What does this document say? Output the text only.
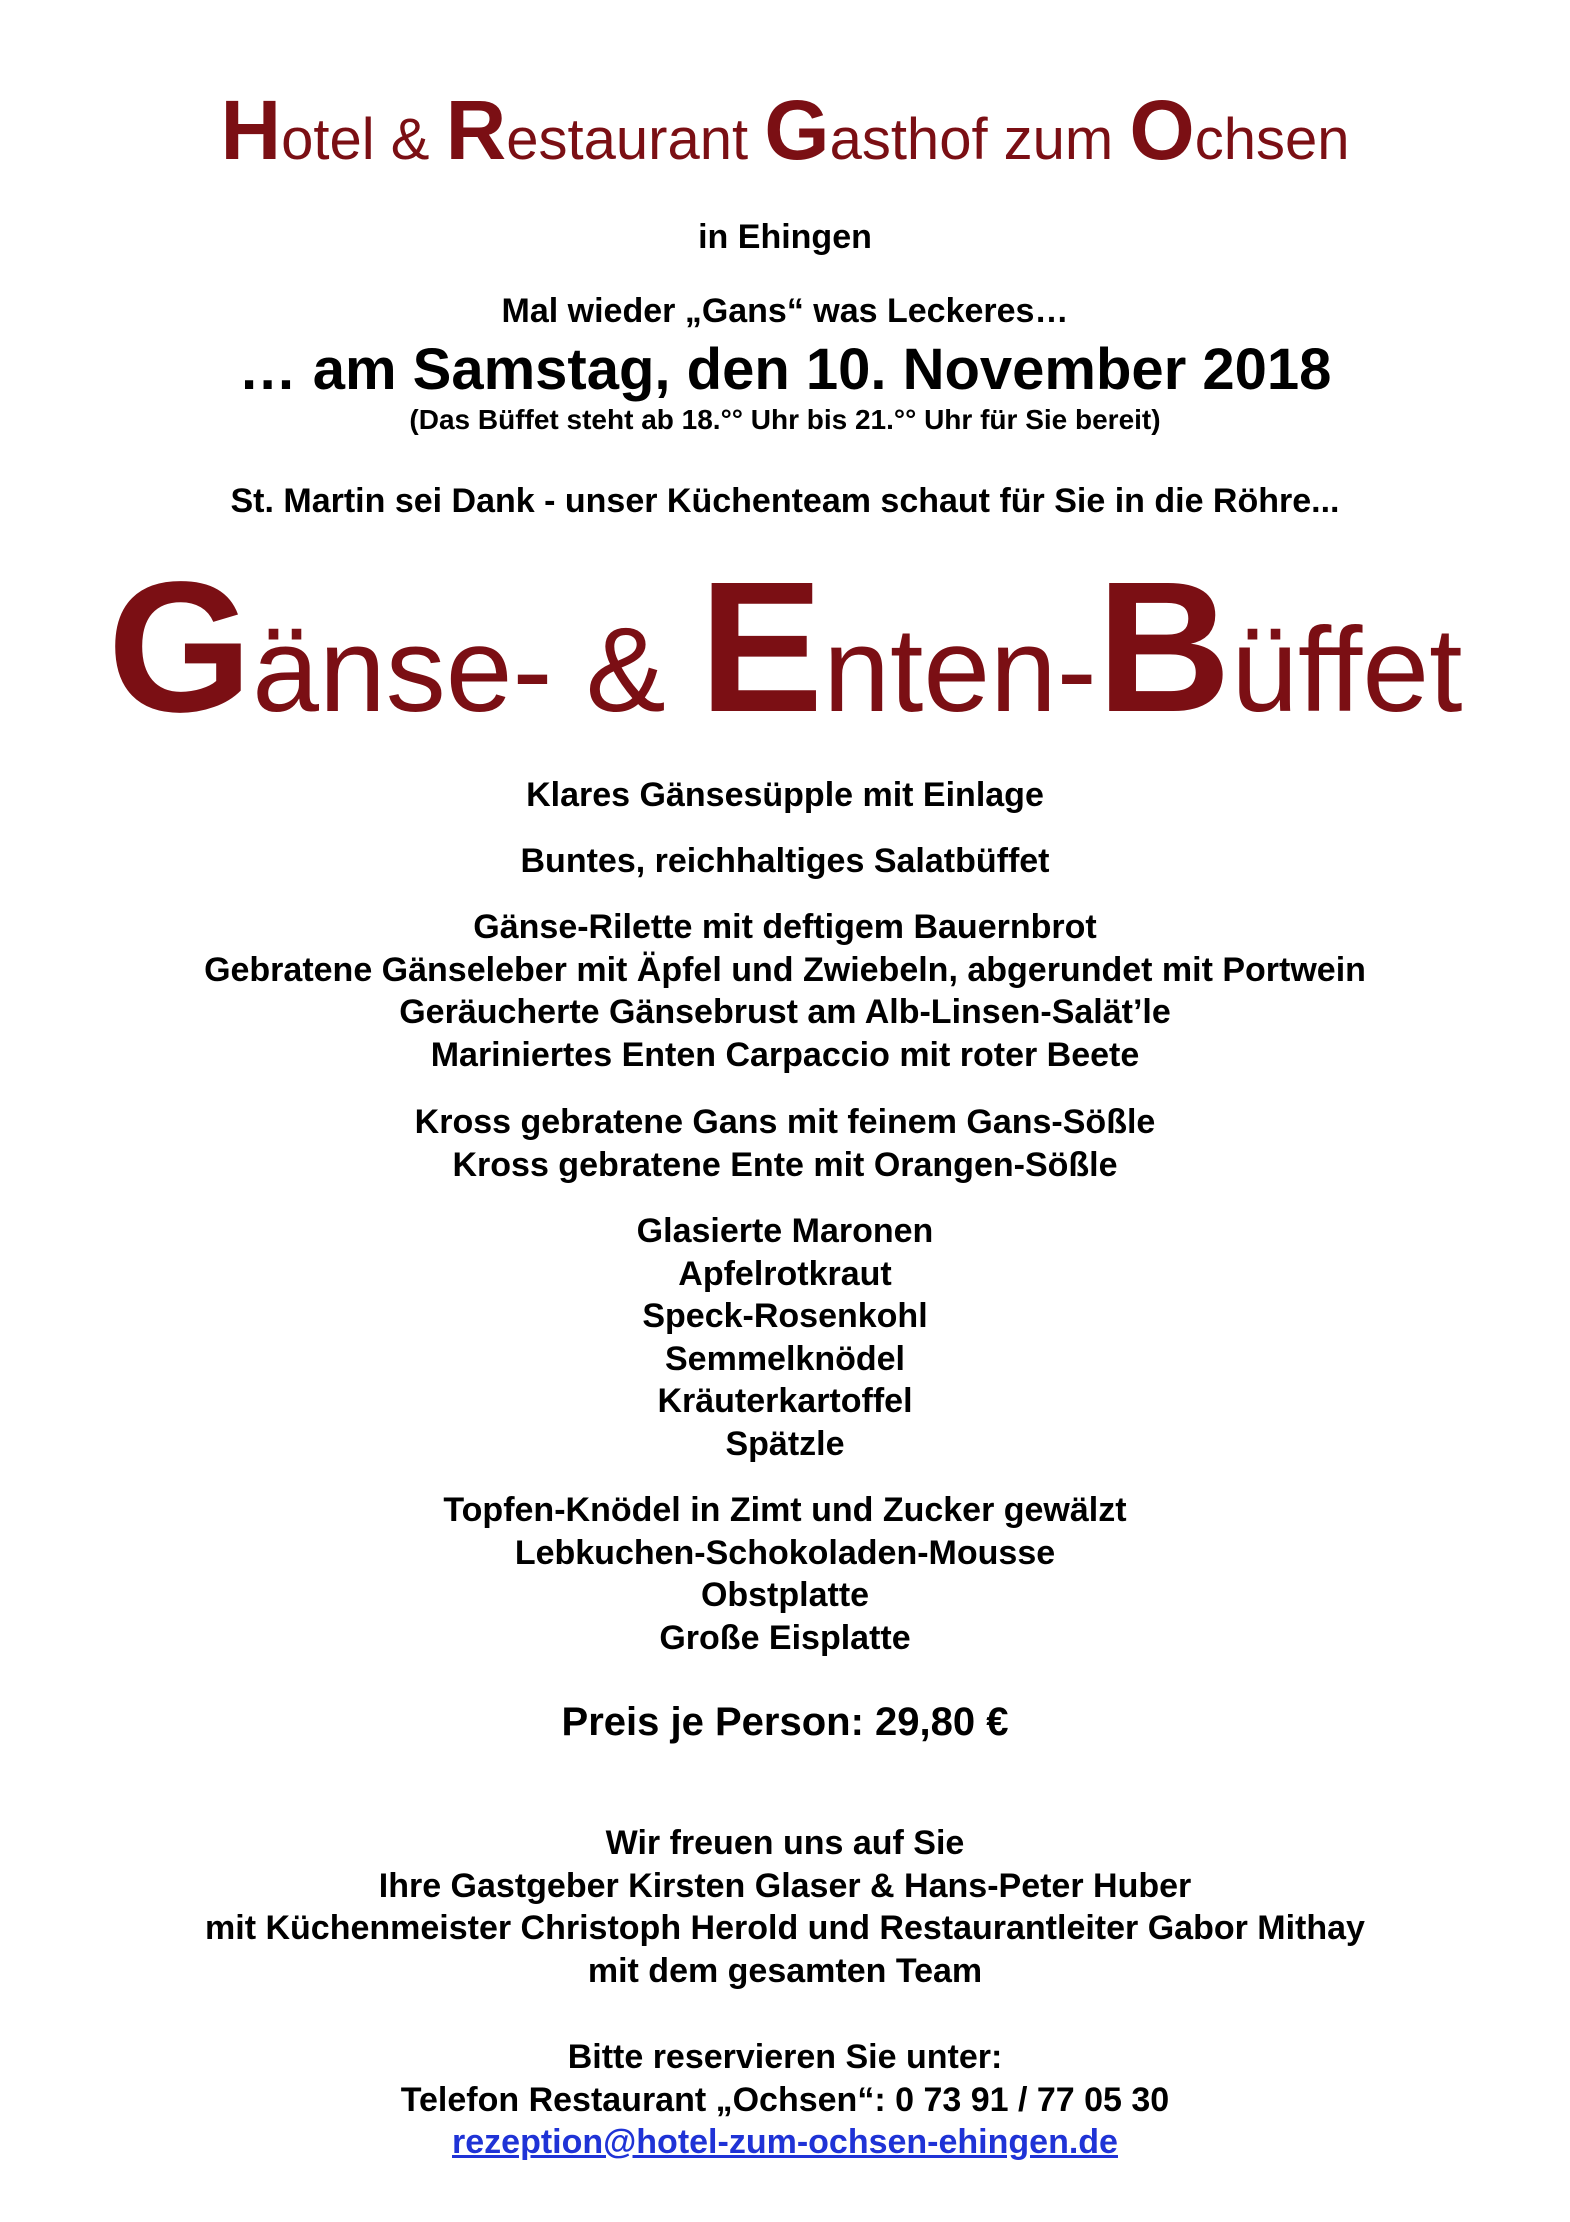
Hotel & Restaurant Gasthof zum Ochsen
in Ehingen
Mal wieder „Gans“ was Leckeres…
… am Samstag, den 10. November 2018
(Das Büffet steht ab 18.°° Uhr bis 21.°° Uhr für Sie bereit)
St. Martin sei Dank - unser Küchenteam schaut für Sie in die Röhre...
Gänse- & Enten-Büffet
Klares Gänsesüpple mit Einlage
Buntes, reichhaltiges Salatbüffet
Gänse-Rilette mit deftigem Bauernbrot
Gebratene Gänseleber mit Äpfel und Zwiebeln, abgerundet mit Portwein
Geräucherte Gänsebrust am Alb-Linsen-Salät’le
Mariniertes Enten Carpaccio mit roter Beete
Kross gebratene Gans mit feinem Gans-Sößle
Kross gebratene Ente mit Orangen-Sößle
Glasierte Maronen
Apfelrotkraut
Speck-Rosenkohl
Semmelknödel
Kräuterkartoffel
Spätzle
Topfen-Knödel in Zimt und Zucker gewälzt
Lebkuchen-Schokoladen-Mousse
Obstplatte
Große Eisplatte
Preis je Person: 29,80 €
Wir freuen uns auf Sie
Ihre Gastgeber Kirsten Glaser & Hans-Peter Huber
mit Küchenmeister Christoph Herold und Restaurantleiter Gabor Mithay
mit dem gesamten Team
Bitte reservieren Sie unter:
Telefon Restaurant „Ochsen“: 0 73 91 / 77 05 30
rezeption@hotel-zum-ochsen-ehingen.de
